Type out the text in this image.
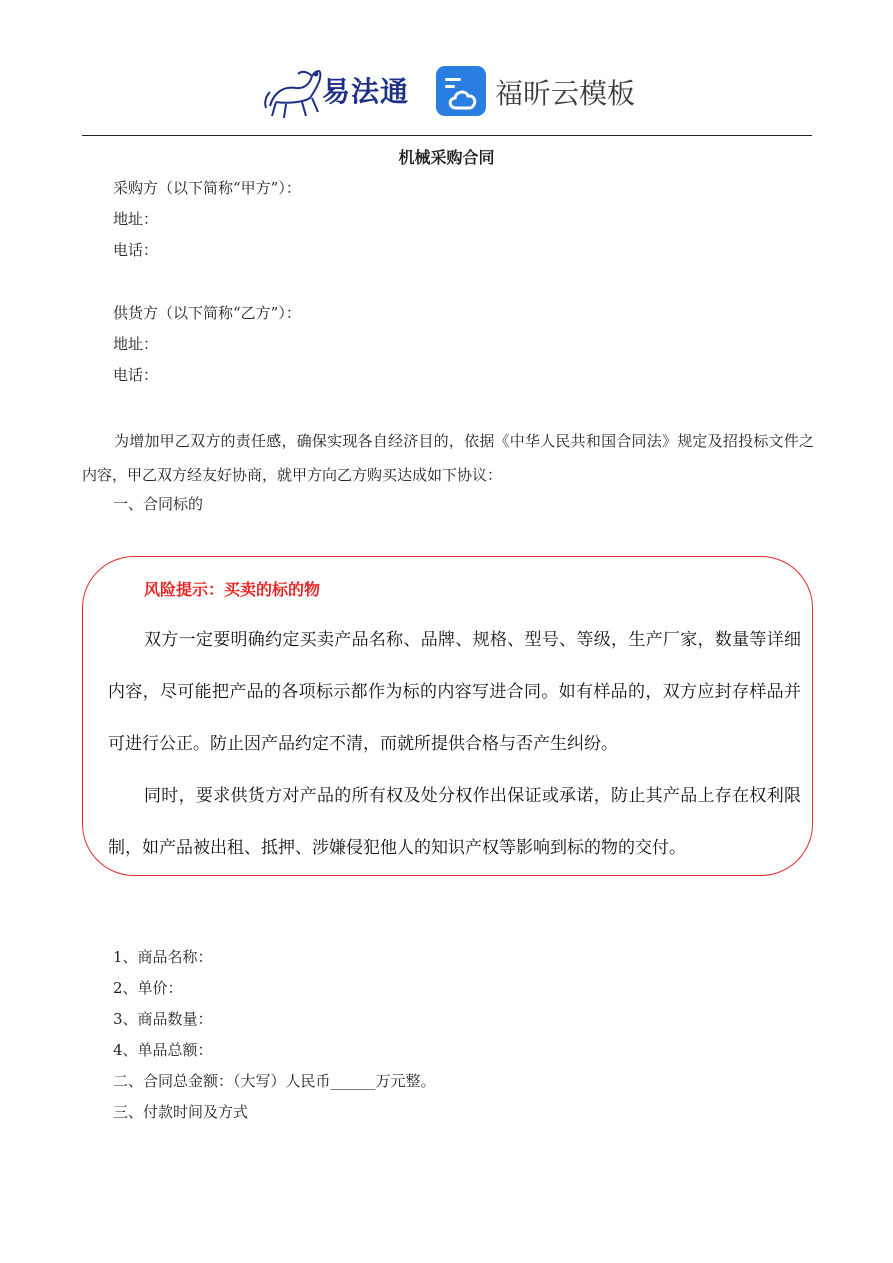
易法通	福昕云模板
机械采购合同
采购方（以下简称“甲方”）：
地址：
电话：
供货方（以下简称“乙方”）：
地址：
电话：
为增加甲乙双方的责任感，确保实现各自经济目的，依据《中华人民共和国合同法》规定及招投标文件之内容，甲乙双方经友好协商，就甲方向乙方购买达成如下协议：
一、合同标的
风险提示：买卖的标的物
双方一定要明确约定买卖产品名称、品牌、规格、型号、等级，生产厂家，数量等详细内容，尽可能把产品的各项标示都作为标的内容写进合同。如有样品的，双方应封存样品并可进行公正。防止因产品约定不清，而就所提供合格与否产生纠纷。
同时，要求供货方对产品的所有权及处分权作出保证或承诺，防止其产品上存在权利限制，如产品被出租、抵押、涉嫌侵犯他人的知识产权等影响到标的物的交付。
1、商品名称：
2、单价：
3、商品数量：
4、单品总额：
二、合同总金额：（大写）人民币______万元整。
三、付款时间及方式
